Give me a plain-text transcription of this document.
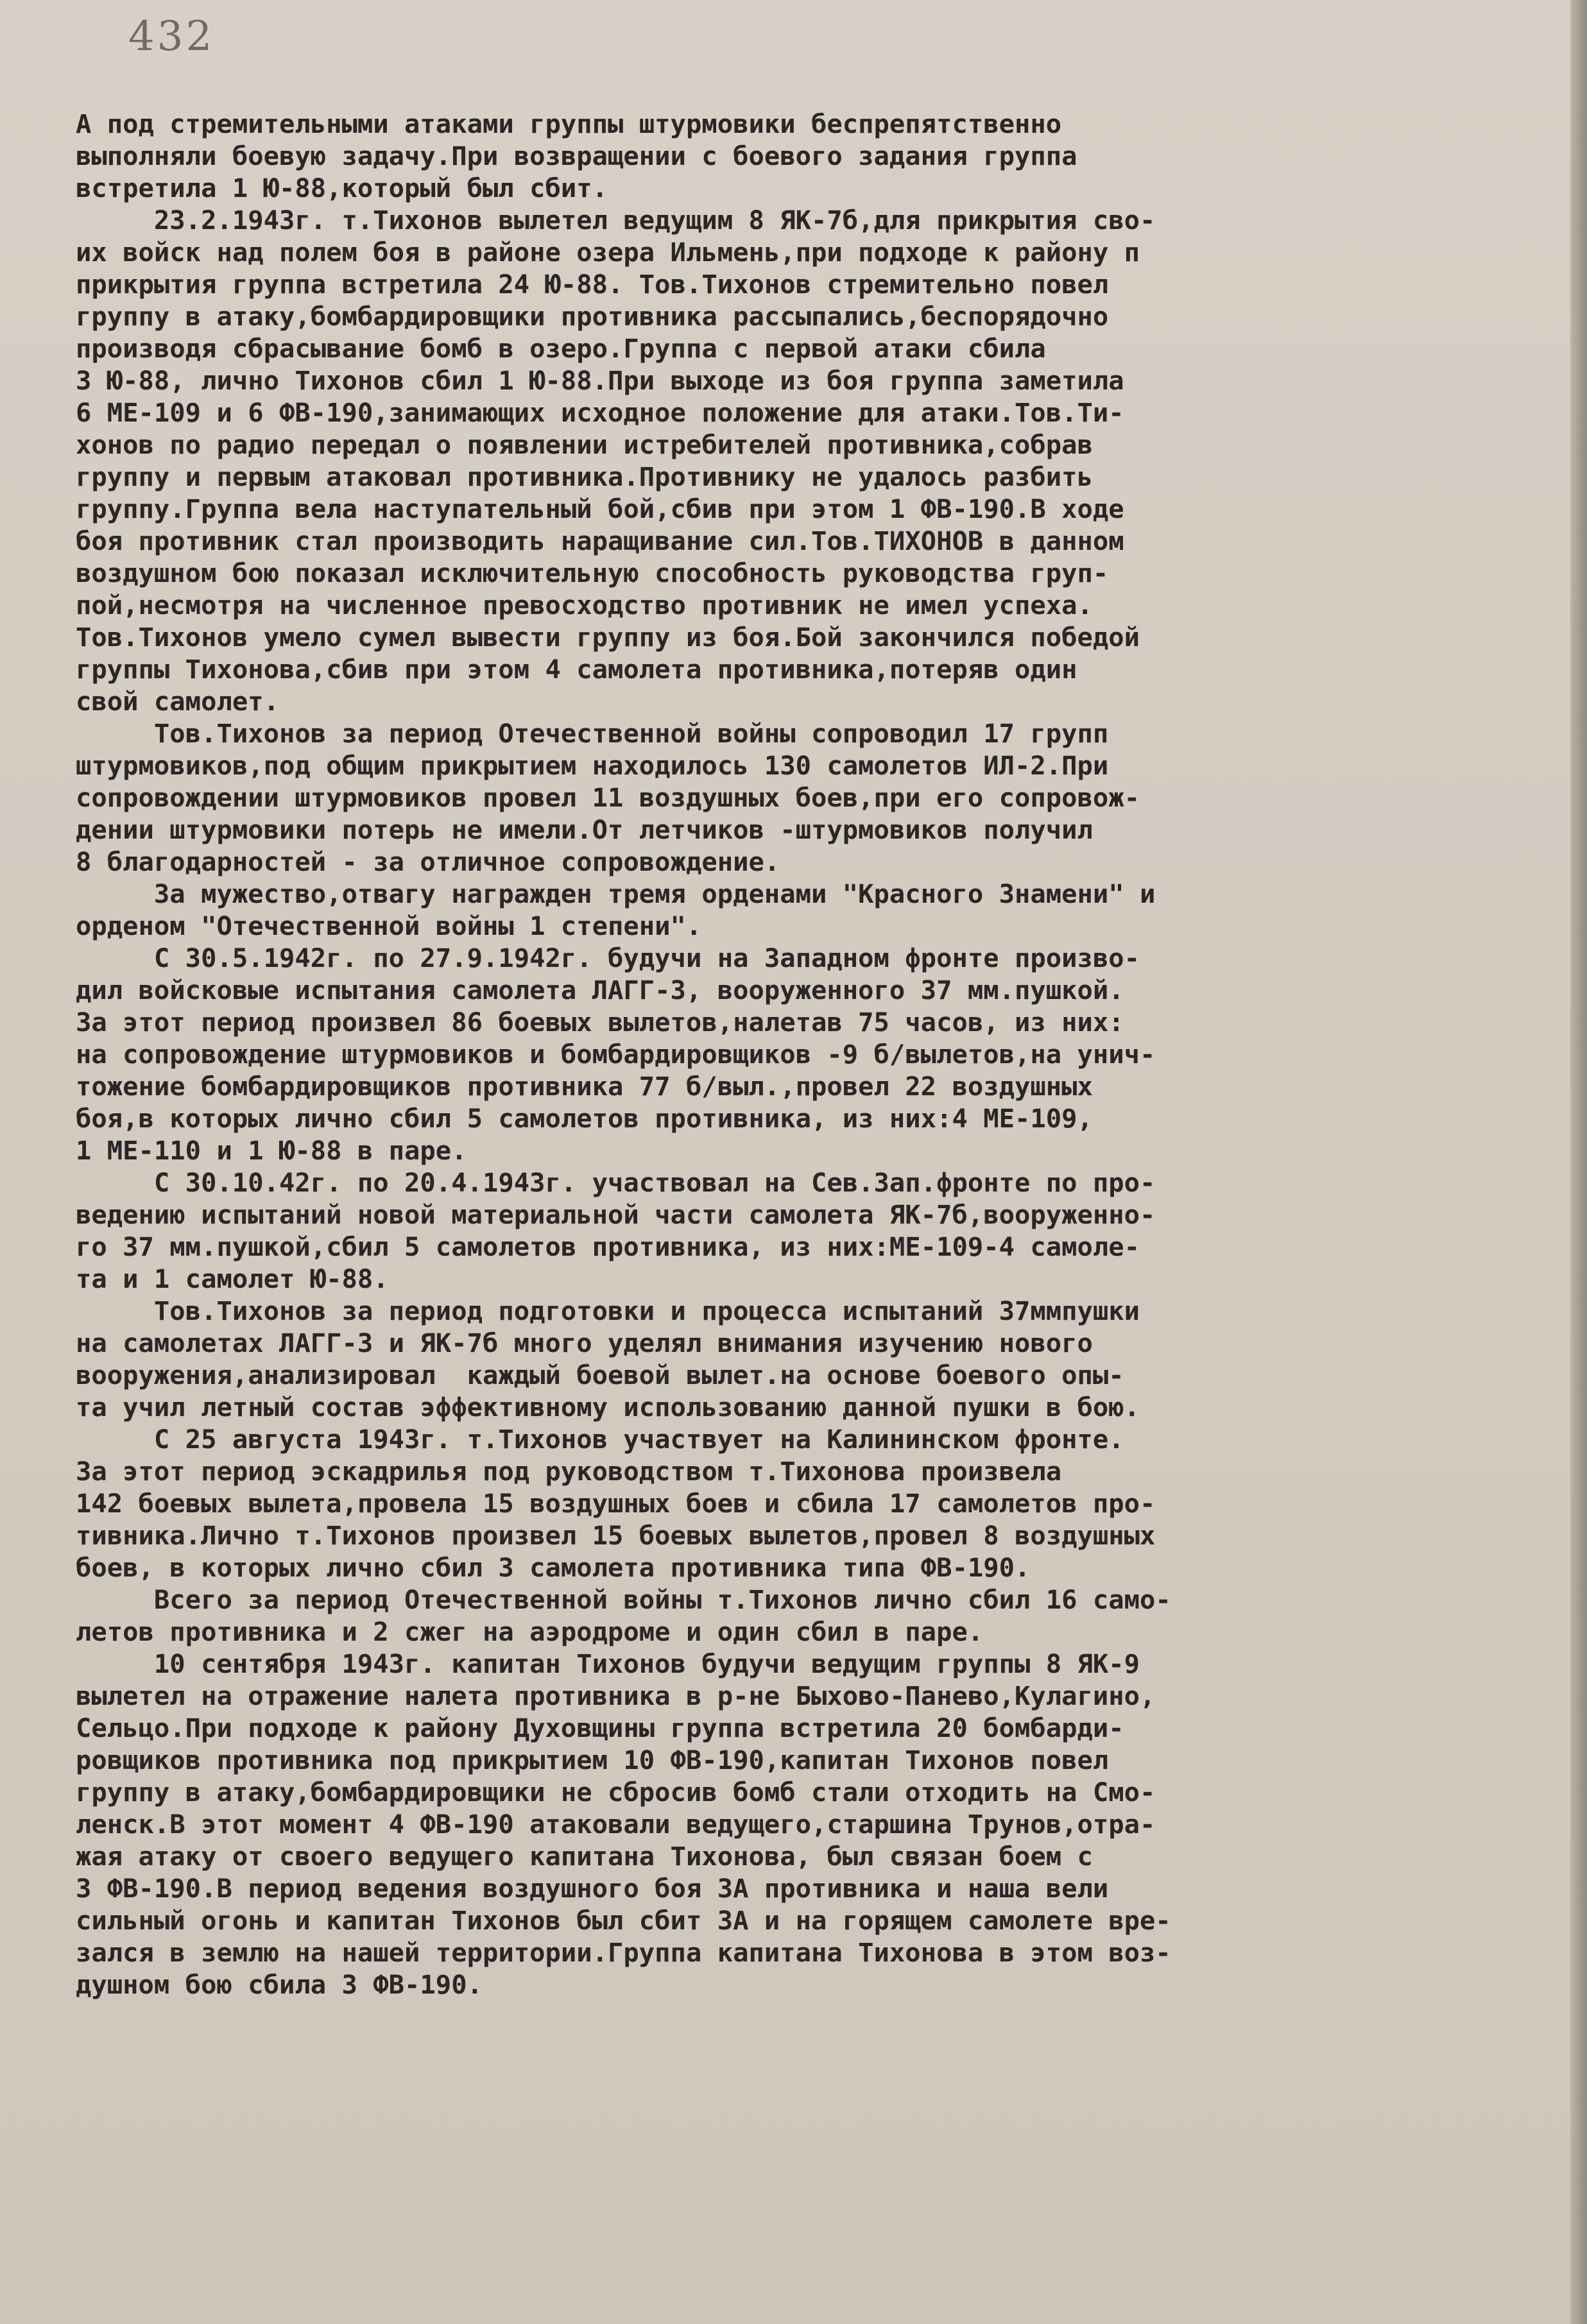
432
А под стремительными атаками группы штурмовики беспрепятственно
выполняли боевую задачу.При возвращении с боевого задания группа
встретила 1 Ю-88,который был сбит.
23.2.1943г. т.Тихонов вылетел ведущим 8 ЯК-7б,для прикрытия сво-
их войск над полем боя в районе озера Ильмень,при подходе к району п
прикрытия группа встретила 24 Ю-88. Тов.Тихонов стремительно повел
группу в атаку,бомбардировщики противника рассыпались,беспорядочно
производя сбрасывание бомб в озеро.Группа с первой атаки сбила
3 Ю-88, лично Тихонов сбил 1 Ю-88.При выходе из боя группа заметила
6 МЕ-109 и 6 ФВ-190,занимающих исходное положение для атаки.Тов.Ти-
хонов по радио передал о появлении истребителей противника,собрав
группу и первым атаковал противника.Противнику не удалось разбить
группу.Группа вела наступательный бой,сбив при этом 1 ФВ-190.В ходе
боя противник стал производить наращивание сил.Тов.ТИХОНОВ в данном
воздушном бою показал исключительную способность руководства груп-
пой,несмотря на численное превосходство противник не имел успеха.
Тов.Тихонов умело сумел вывести группу из боя.Бой закончился победой
группы Тихонова,сбив при этом 4 самолета противника,потеряв один
свой самолет.
Тов.Тихонов за период Отечественной войны сопроводил 17 групп
штурмовиков,под общим прикрытием находилось 130 самолетов ИЛ-2.При
сопровождении штурмовиков провел 11 воздушных боев,при его сопровож-
дении штурмовики потерь не имели.От летчиков -штурмовиков получил
8 благодарностей - за отличное сопровождение.
За мужество,отвагу награжден тремя орденами "Красного Знамени" и
орденом "Отечественной войны 1 степени".
С 30.5.1942г. по 27.9.1942г. будучи на Западном фронте произво-
дил войсковые испытания самолета ЛАГГ-3, вооруженного 37 мм.пушкой.
За этот период произвел 86 боевых вылетов,налетав 75 часов, из них:
на сопровождение штурмовиков и бомбардировщиков -9 б/вылетов,на унич-
тожение бомбардировщиков противника 77 б/выл.,провел 22 воздушных
боя,в которых лично сбил 5 самолетов противника, из них:4 МЕ-109,
1 МЕ-110 и 1 Ю-88 в паре.
С 30.10.42г. по 20.4.1943г. участвовал на Сев.Зап.фронте по про-
ведению испытаний новой материальной части самолета ЯК-7б,вооруженно-
го 37 мм.пушкой,сбил 5 самолетов противника, из них:МЕ-109-4 самоле-
та и 1 самолет Ю-88.
Тов.Тихонов за период подготовки и процесса испытаний 37ммпушки
на самолетах ЛАГГ-3 и ЯК-7б много уделял внимания изучению нового
вооружения,анализировал  каждый боевой вылет.на основе боевого опы-
та учил летный состав эффективному использованию данной пушки в бою.
С 25 августа 1943г. т.Тихонов участвует на Калининском фронте.
За этот период эскадрилья под руководством т.Тихонова произвела
142 боевых вылета,провела 15 воздушных боев и сбила 17 самолетов про-
тивника.Лично т.Тихонов произвел 15 боевых вылетов,провел 8 воздушных
боев, в которых лично сбил 3 самолета противника типа ФВ-190.
Всего за период Отечественной войны т.Тихонов лично сбил 16 само-
летов противника и 2 сжег на аэродроме и один сбил в паре.
10 сентября 1943г. капитан Тихонов будучи ведущим группы 8 ЯК-9
вылетел на отражение налета противника в р-не Быхово-Панево,Кулагино,
Сельцо.При подходе к району Духовщины группа встретила 20 бомбарди-
ровщиков противника под прикрытием 10 ФВ-190,капитан Тихонов повел
группу в атаку,бомбардировщики не сбросив бомб стали отходить на Смо-
ленск.В этот момент 4 ФВ-190 атаковали ведущего,старшина Трунов,отра-
жая атаку от своего ведущего капитана Тихонова, был связан боем с
3 ФВ-190.В период ведения воздушного боя ЗА противника и наша вели
сильный огонь и капитан Тихонов был сбит ЗА и на горящем самолете вре-
зался в землю на нашей территории.Группа капитана Тихонова в этом воз-
душном бою сбила 3 ФВ-190.
